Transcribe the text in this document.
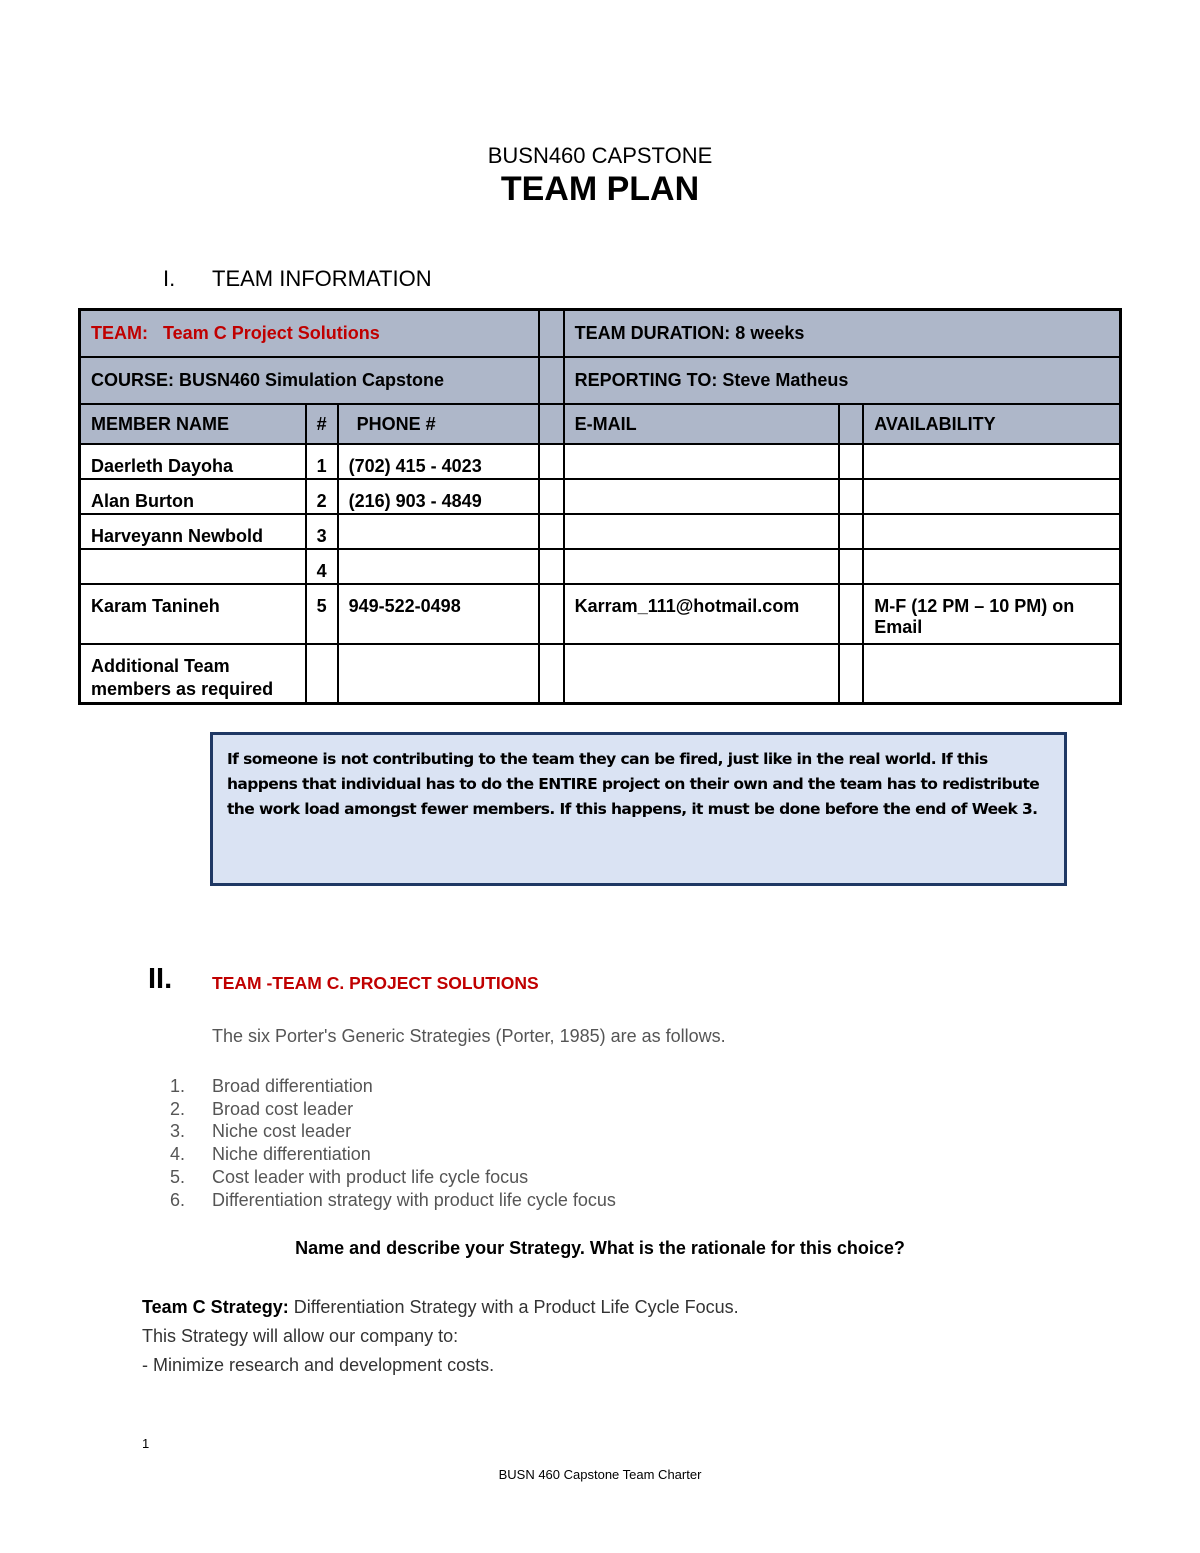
BUSN460 CAPSTONE
TEAM PLAN
I. TEAM INFORMATION
TEAM: Team C Project Solutions				TEAM DURATION: 8 weeks		
COURSE: BUSN460 Simulation Capstone				REPORTING TO: Steve Matheus		
MEMBER NAME	#	PHONE #		E-MAIL		AVAILABILITY
Daerleth Dayoha	1	(702) 415 - 4023				
Alan Burton	2	(216) 903 - 4849				
Harveyann Newbold	3					
	4					
Karam Tanineh	5	949-522-0498		Karram_111@hotmail.com		M-F (12 PM – 10 PM) on Email
Additional Team members as required						
If someone is not contributing to the team they can be fired, just like in the real world. If this happens that individual has to do the ENTIRE project on their own and the team has to redistribute the work load amongst fewer members. If this happens, it must be done before the end of Week 3.
II. TEAM -TEAM C. PROJECT SOLUTIONS
The six Porter's Generic Strategies (Porter, 1985) are as follows.
1. Broad differentiation
2. Broad cost leader
3. Niche cost leader
4. Niche differentiation
5. Cost leader with product life cycle focus
6. Differentiation strategy with product life cycle focus
Name and describe your Strategy. What is the rationale for this choice?
Team C Strategy: Differentiation Strategy with a Product Life Cycle Focus.
This Strategy will allow our company to:
- Minimize research and development costs.
1
BUSN 460 Capstone Team Charter
